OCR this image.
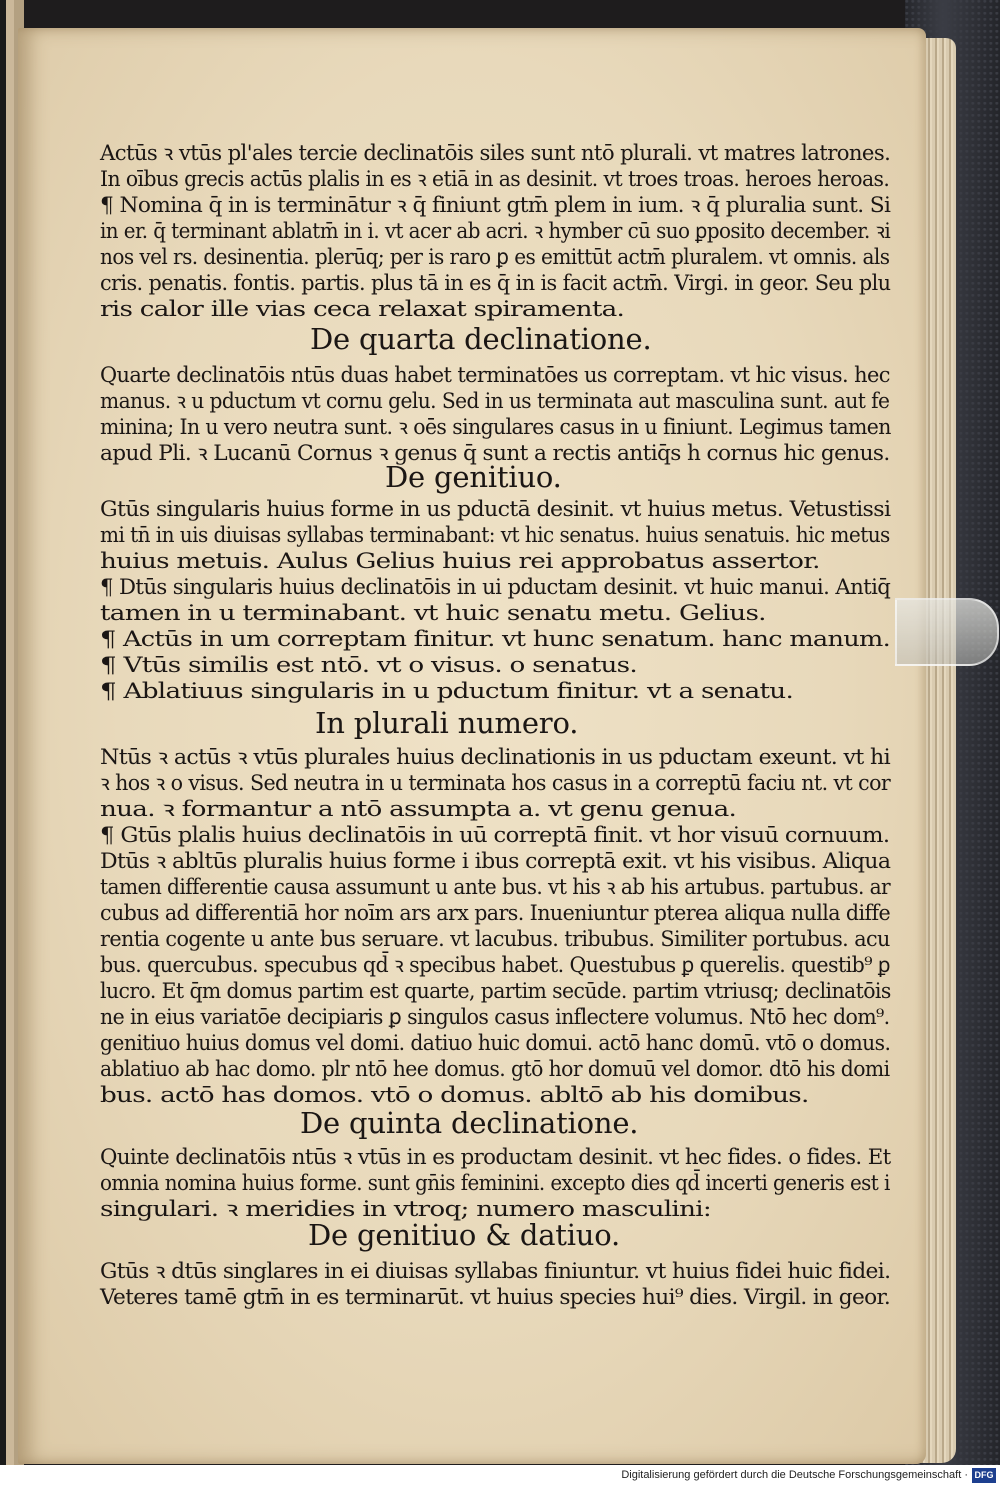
Actūs ꝛ vtūs pl'ales tercie declinatōis siles sunt ntō plurali. vt matres latrones.
In oībus grecis actūs plalis in es ꝛ etiā in as desinit. vt troes troas. heroes heroas.
¶ Nomina q̄ in is terminātur ꝛ q̄ finiunt gtm̄ plem in ium. ꝛ q̄ pluralia sunt. Si
in er. q̄ terminant ablatm̄ in i. vt acer ab acri. ꝛ hymber cū suo ꝑposito december. ꝛi
nos vel rs. desinentia. plerūq; per is raro ꝑ es emittūt actm̄ pluralem. vt omnis. als
cris. penatis. fontis. partis. plus tā in es q̄ in is facit actm̄. Virgi. in geor. Seu plu
ris calor ille vias ceca relaxat spiramenta.
De quarta declinatione.
Quarte declinatōis ntūs duas habet terminatōes us correptam. vt hic visus. hec
manus. ꝛ u pductum vt cornu gelu. Sed in us terminata aut masculina sunt. aut fe
minina; In u vero neutra sunt. ꝛ oēs singulares casus in u finiunt. Legimus tamen
apud Pli. ꝛ Lucanū Cornus ꝛ genus q̄ sunt a rectis antiq̄s h cornus hic genus.
De genitiuo.
Gtūs singularis huius forme in us pductā desinit. vt huius metus. Vetustissi
mi tn̄ in uis diuisas syllabas terminabant: vt hic senatus. huius senatuis. hic metus
huius metuis. Aulus Gelius huius rei approbatus assertor.
¶ Dtūs singularis huius declinatōis in ui pductam desinit. vt huic manui. Antiq̄
tamen in u terminabant. vt huic senatu metu. Gelius.
¶ Actūs in um correptam finitur. vt hunc senatum. hanc manum.
¶ Vtūs similis est ntō. vt o visus. o senatus.
¶ Ablatiuus singularis in u pductum finitur. vt a senatu.
In plurali numero.
Ntūs ꝛ actūs ꝛ vtūs plurales huius declinationis in us pductam exeunt. vt hi
ꝛ hos ꝛ o visus. Sed neutra in u terminata hos casus in a correptū faciu nt. vt cor
nua. ꝛ formantur a ntō assumpta a. vt genu genua.
¶ Gtūs plalis huius declinatōis in uū correptā finit. vt hor visuū cornuum.
Dtūs ꝛ abltūs pluralis huius forme i ibus correptā exit. vt his visibus. Aliqua
tamen differentie causa assumunt u ante bus. vt his ꝛ ab his artubus. partubus. ar
cubus ad differentiā hor noīm ars arx pars. Inueniuntur pterea aliqua nulla diffe
rentia cogente u ante bus seruare. vt lacubus. tribubus. Similiter portubus. acu
bus. quercubus. specubus qd̄ ꝛ specibus habet. Questubus ꝑ querelis. questib⁹ ꝑ
lucro. Et q̄m domus partim est quarte, partim secūde. partim vtriusq; declinatōis
ne in eius variatōe decipiaris ꝑ singulos casus inflectere volumus. Ntō hec dom⁹.
genitiuo huius domus vel domi. datiuo huic domui. actō hanc domū. vtō o domus.
ablatiuo ab hac domo. plr ntō hee domus. gtō hor domuū vel domor. dtō his domi
bus. actō has domos. vtō o domus. abltō ab his domibus.
De quinta declinatione.
Quinte declinatōis ntūs ꝛ vtūs in es productam desinit. vt hec fides. o fides. Et
omnia nomina huius forme. sunt gn̄is feminini. excepto dies qd̄ incerti generis est i
singulari. ꝛ meridies in vtroq; numero masculini:
De genitiuo & datiuo.
Gtūs ꝛ dtūs singlares in ei diuisas syllabas finiuntur. vt huius fidei huic fidei.
Veteres tamē gtm̄ in es terminarūt. vt huius species hui⁹ dies. Virgil. in geor.
Digitalisierung gefördert durch die Deutsche Forschungsgemeinschaft · DFG
